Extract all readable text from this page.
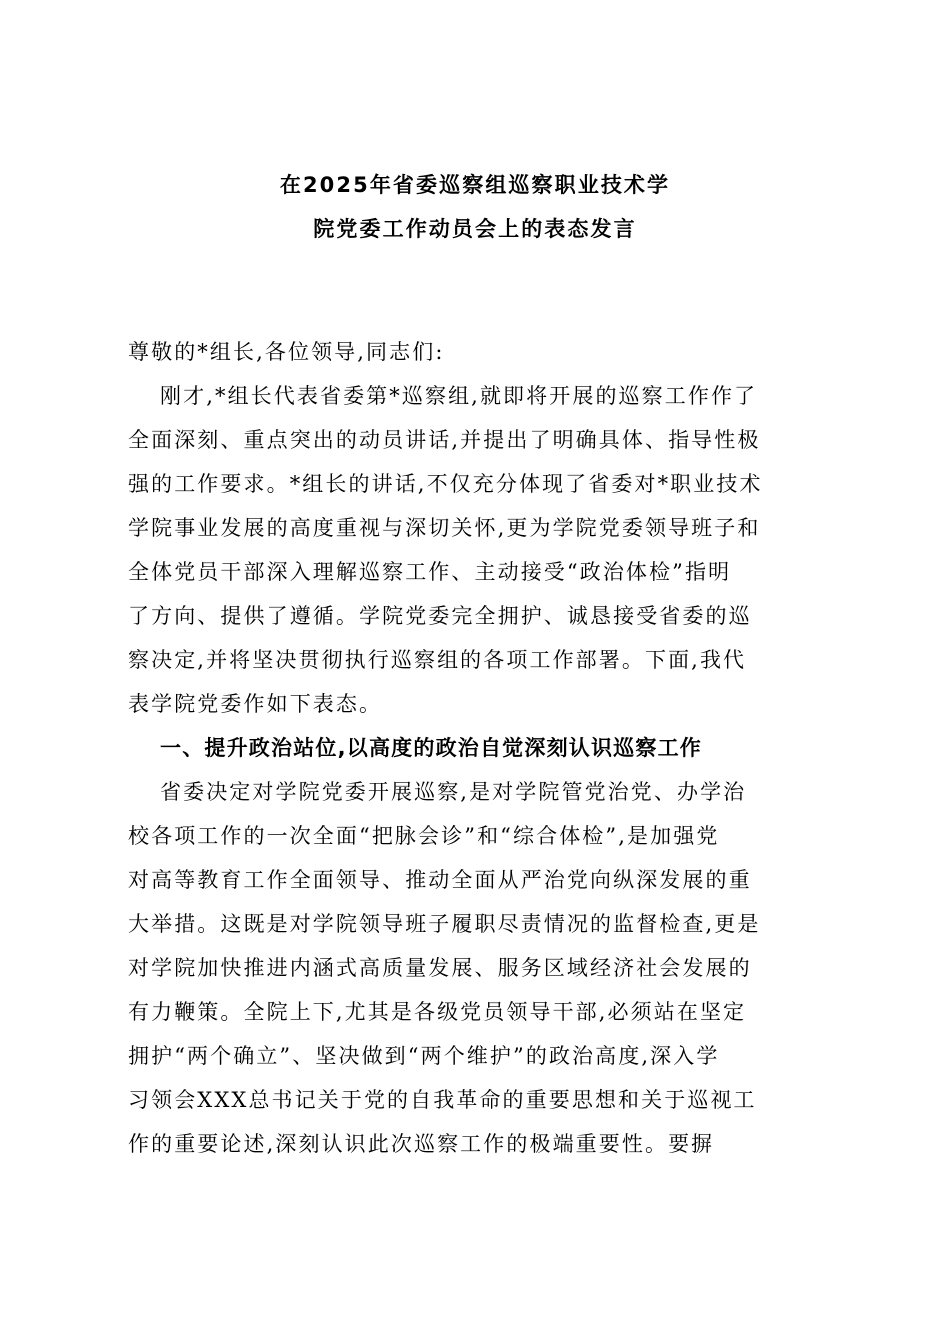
在2025年省委巡察组巡察职业技术学
院党委工作动员会上的表态发言
尊敬的*组长,各位领导,同志们:
刚才,*组长代表省委第*巡察组,就即将开展的巡察工作作了
全面深刻、重点突出的动员讲话,并提出了明确具体、指导性极
强的工作要求。*组长的讲话,不仅充分体现了省委对*职业技术
学院事业发展的高度重视与深切关怀,更为学院党委领导班子和
全体党员干部深入理解巡察工作、主动接受“政治体检”指明
了方向、提供了遵循。学院党委完全拥护、诚恳接受省委的巡
察决定,并将坚决贯彻执行巡察组的各项工作部署。下面,我代
表学院党委作如下表态。
一、提升政治站位,以高度的政治自觉深刻认识巡察工作
省委决定对学院党委开展巡察,是对学院管党治党、办学治
校各项工作的一次全面“把脉会诊”和“综合体检”,是加强党
对高等教育工作全面领导、推动全面从严治党向纵深发展的重
大举措。这既是对学院领导班子履职尽责情况的监督检查,更是
对学院加快推进内涵式高质量发展、服务区域经济社会发展的
有力鞭策。全院上下,尤其是各级党员领导干部,必须站在坚定
拥护“两个确立”、坚决做到“两个维护”的政治高度,深入学
习领会XXX总书记关于党的自我革命的重要思想和关于巡视工
作的重要论述,深刻认识此次巡察工作的极端重要性。要摒
